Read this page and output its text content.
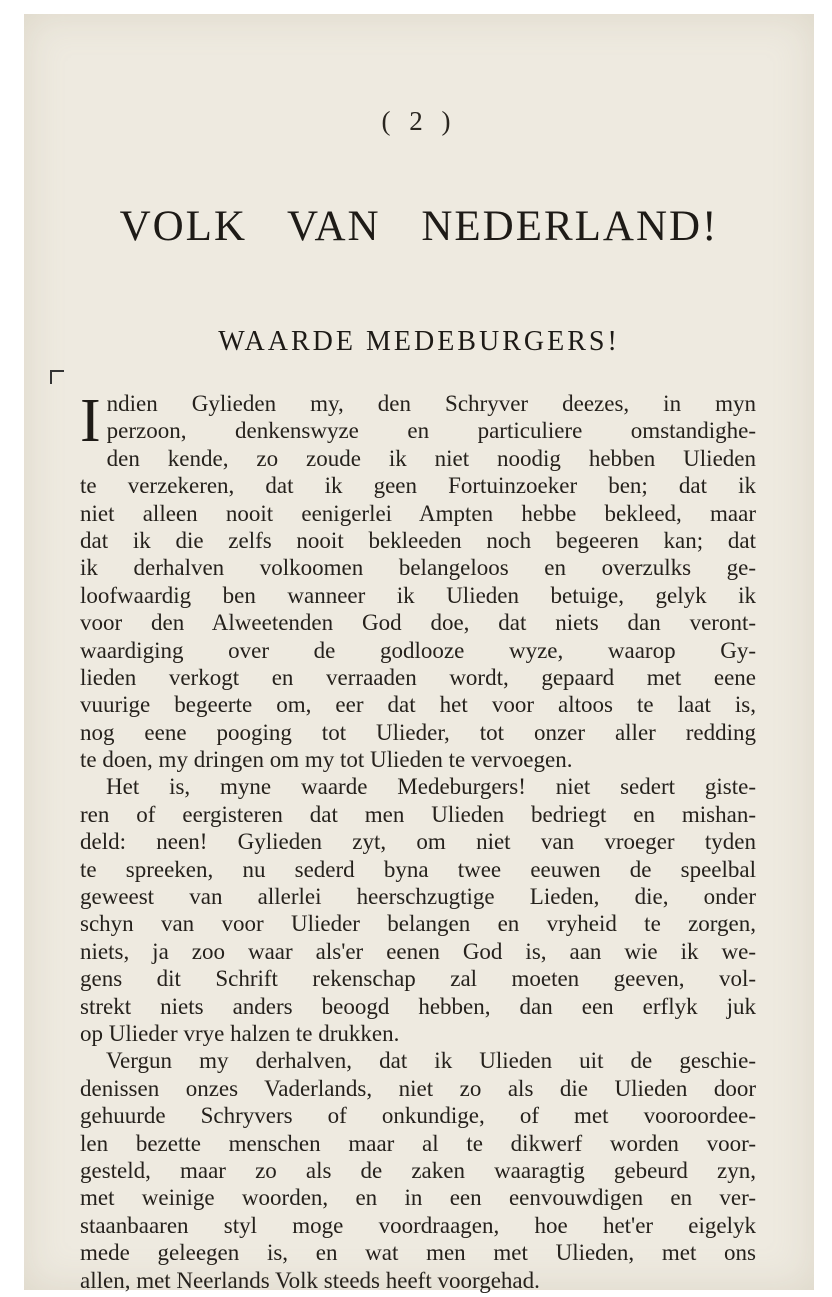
( 2 )
VOLK VAN NEDERLAND!
WAARDE MEDEBURGERS!
I ndien Gylieden my, den Schryver deezes, in myn
perzoon, denkenswyze en particuliere omstandighe-
den kende, zo zoude ik niet noodig hebben Ulieden
te verzekeren, dat ik geen Fortuinzoeker ben; dat ik
niet alleen nooit eenigerlei Ampten hebbe bekleed, maar
dat ik die zelfs nooit bekleeden noch begeeren kan; dat
ik derhalven volkoomen belangeloos en overzulks ge-
loofwaardig ben wanneer ik Ulieden betuige, gelyk ik
voor den Alweetenden God doe, dat niets dan veront-
waardiging over de godlooze wyze, waarop Gy-
lieden verkogt en verraaden wordt, gepaard met eene
vuurige begeerte om, eer dat het voor altoos te laat is,
nog eene pooging tot Ulieder, tot onzer aller redding
te doen, my dringen om my tot Ulieden te vervoegen.
Het is, myne waarde Medeburgers! niet sedert giste-
ren of eergisteren dat men Ulieden bedriegt en mishan-
deld: neen! Gylieden zyt, om niet van vroeger tyden
te spreeken, nu sederd byna twee eeuwen de speelbal
geweest van allerlei heerschzugtige Lieden, die, onder
schyn van voor Ulieder belangen en vryheid te zorgen,
niets, ja zoo waar als'er eenen God is, aan wie ik we-
gens dit Schrift rekenschap zal moeten geeven, vol-
strekt niets anders beoogd hebben, dan een erflyk juk
op Ulieder vrye halzen te drukken.
Vergun my derhalven, dat ik Ulieden uit de geschie-
denissen onzes Vaderlands, niet zo als die Ulieden door
gehuurde Schryvers of onkundige, of met vooroordee-
len bezette menschen maar al te dikwerf worden voor-
gesteld, maar zo als de zaken waaragtig gebeurd zyn,
met weinige woorden, en in een eenvouwdigen en ver-
staanbaaren styl moge voordraagen, hoe het'er eigelyk
mede geleegen is, en wat men met Ulieden, met ons
allen, met Neerlands Volk steeds heeft voorgehad.
